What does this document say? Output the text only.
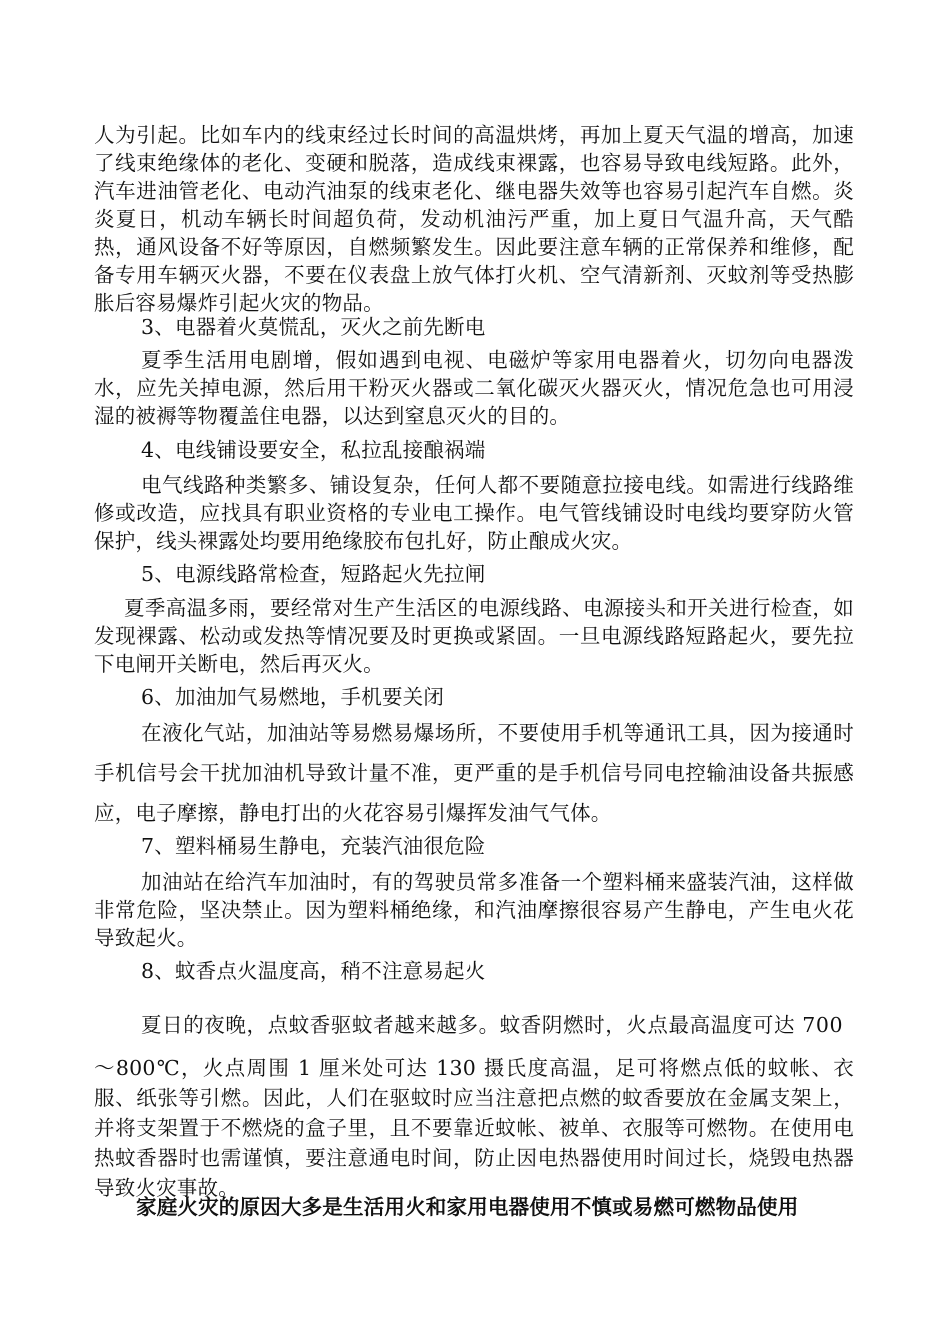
人为引起。比如车内的线束经过长时间的高温烘烤，再加上夏天气温的增高，加速了线束绝缘体的老化、变硬和脱落，造成线束裸露，也容易导致电线短路。此外，汽车进油管老化、电动汽油泵的线束老化、继电器失效等也容易引起汽车自燃。炎炎夏日，机动车辆长时间超负荷，发动机油污严重，加上夏日气温升高，天气酷热，通风设备不好等原因，自燃频繁发生。因此要注意车辆的正常保养和维修，配备专用车辆灭火器，不要在仪表盘上放气体打火机、空气清新剂、灭蚊剂等受热膨胀后容易爆炸引起火灾的物品。

3、电器着火莫慌乱，灭火之前先断电

夏季生活用电剧增，假如遇到电视、电磁炉等家用电器着火，切勿向电器泼水，应先关掉电源，然后用干粉灭火器或二氧化碳灭火器灭火，情况危急也可用浸湿的被褥等物覆盖住电器，以达到窒息灭火的目的。

4、电线铺设要安全，私拉乱接酿祸端

电气线路种类繁多、铺设复杂，任何人都不要随意拉接电线。如需进行线路维修或改造，应找具有职业资格的专业电工操作。电气管线铺设时电线均要穿防火管保护，线头裸露处均要用绝缘胶布包扎好，防止酿成火灾。

5、电源线路常检查，短路起火先拉闸

夏季高温多雨，要经常对生产生活区的电源线路、电源接头和开关进行检查，如发现裸露、松动或发热等情况要及时更换或紧固。一旦电源线路短路起火，要先拉下电闸开关断电，然后再灭火。

6、加油加气易燃地，手机要关闭

在液化气站，加油站等易燃易爆场所，不要使用手机等通讯工具，因为接通时手机信号会干扰加油机导致计量不准，更严重的是手机信号同电控输油设备共振感应，电子摩擦，静电打出的火花容易引爆挥发油气气体。

7、塑料桶易生静电，充装汽油很危险

加油站在给汽车加油时，有的驾驶员常多准备一个塑料桶来盛装汽油，这样做非常危险，坚决禁止。因为塑料桶绝缘，和汽油摩擦很容易产生静电，产生电火花导致起火。

8、蚊香点火温度高，稍不注意易起火

夏日的夜晚，点蚊香驱蚊者越来越多。蚊香阴燃时，火点最高温度可达 700

～800℃，火点周围 1 厘米处可达 130 摄氏度高温，足可将燃点低的蚊帐、衣服、纸张等引燃。因此，人们在驱蚊时应当注意把点燃的蚊香要放在金属支架上，并将支架置于不燃烧的盒子里，且不要靠近蚊帐、被单、衣服等可燃物。在使用电热蚊香器时也需谨慎，要注意通电时间，防止因电热器使用时间过长，烧毁电热器导致火灾事故。

家庭火灾的原因大多是生活用火和家用电器使用不慎或易燃可燃物品使用
